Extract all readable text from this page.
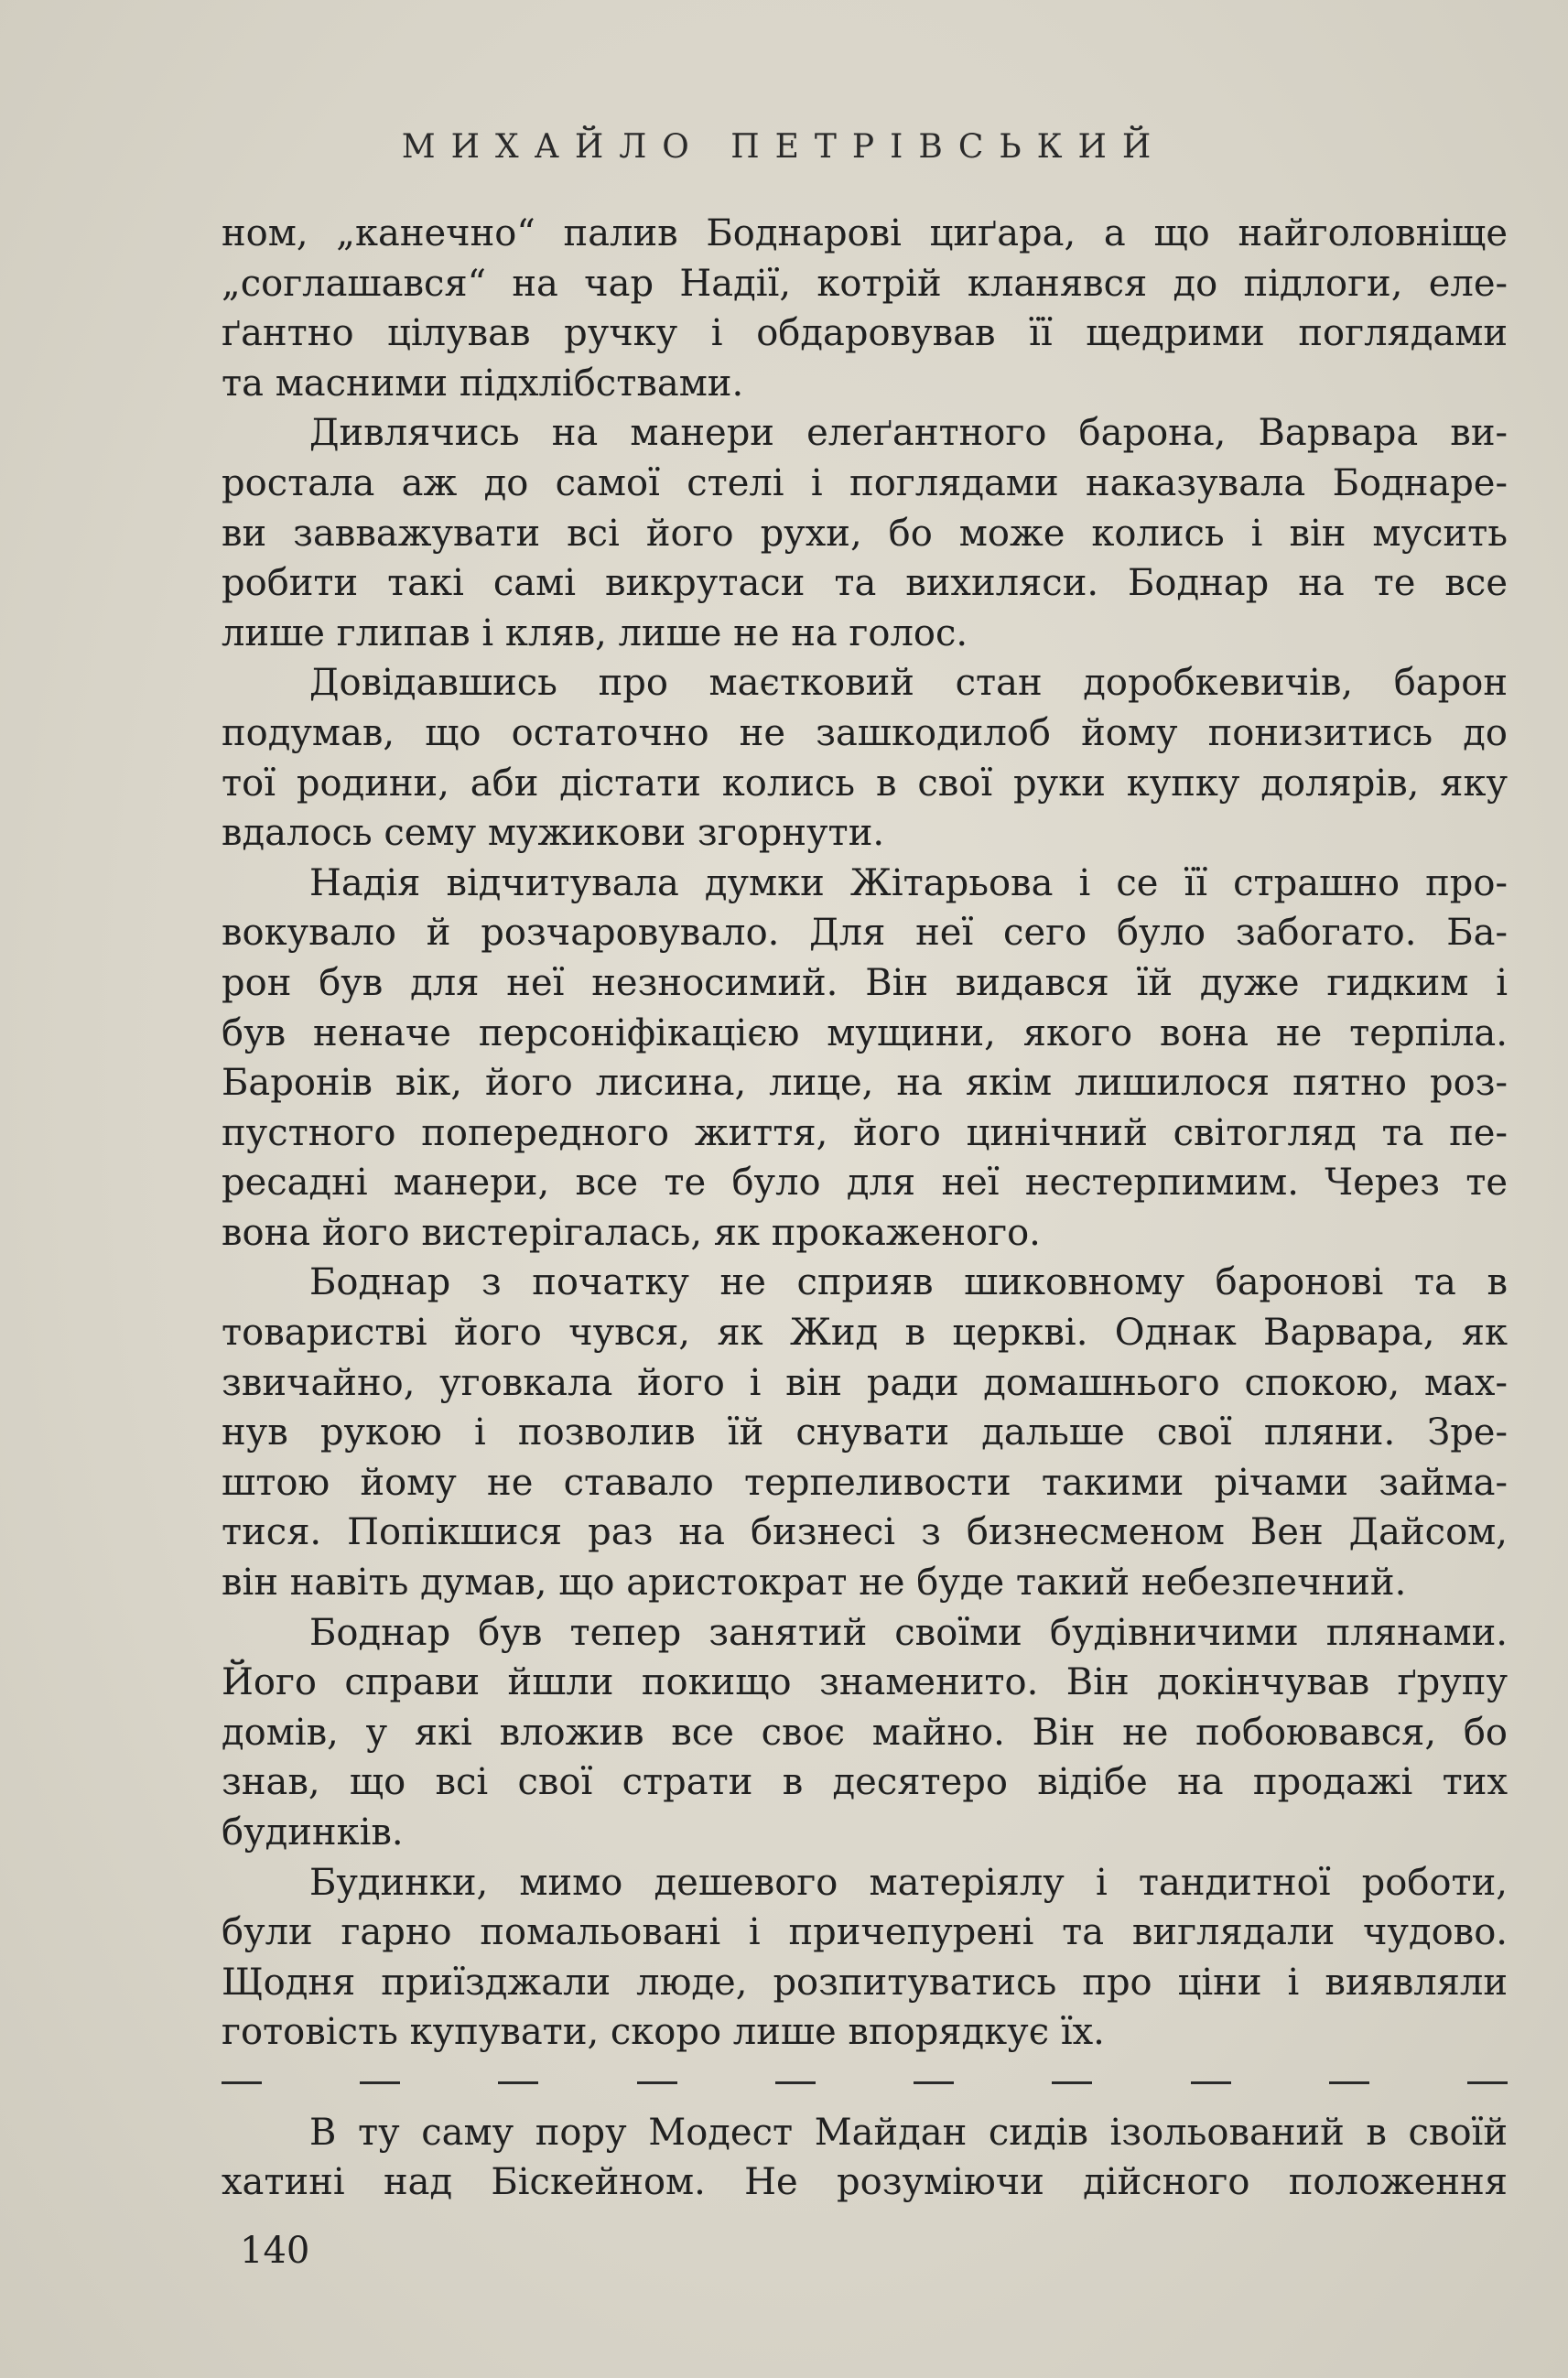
МИХАЙЛО ПЕТРІВСЬКИЙ
ном, „канечно“ палив Боднарові циґара, а що найголовніще
„соглашався“ на чар Надії, котрій кланявся до підлоги, еле-
ґантно цілував ручку і обдаровував її щедрими поглядами
та масними підхлібствами.
Дивлячись на манери елеґантного барона, Варвара ви-
ростала аж до самої стелі і поглядами наказувала Боднаре-
ви завважувати всі його рухи, бо може колись і він мусить
робити такі самі викрутаси та вихиляси. Боднар на те все
лише глипав і кляв, лише не на голос.
Довідавшись про маєтковий стан доробкевичів, барон
подумав, що остаточно не зашкодилоб йому понизитись до
тої родини, аби дістати колись в свої руки купку долярів, яку
вдалось сему мужикови згорнути.
Надія відчитувала думки Жітарьова і се її страшно про-
вокувало й розчаровувало. Для неї сего було забогато. Ба-
рон був для неї незносимий. Він видався їй дуже гидким і
був неначе персоніфікацією мущини, якого вона не терпіла.
Баронів вік, його лисина, лице, на якім лишилося пятно роз-
пустного попередного життя, його цинічний світогляд та пе-
ресадні манери, все те було для неї нестерпимим. Через те
вона його вистерігалась, як прокаженого.
Боднар з початку не сприяв шиковному баронові та в
товаристві його чувся, як Жид в церкві. Однак Варвара, як
звичайно, уговкала його і він ради домашнього спокою, мах-
нув рукою і позволив їй снувати дальше свої пляни. Зре-
штою йому не ставало терпеливости такими річами займа-
тися. Попікшися раз на бизнесі з бизнесменом Вен Дайсом,
він навіть думав, що аристократ не буде такий небезпечний.
Боднар був тепер занятий своїми будівничими плянами.
Його справи йшли покищо знаменито. Він докінчував ґрупу
домів, у які вложив все своє майно. Він не побоювався, бо
знав, що всі свої страти в десятеро відібе на продажі тих
будинків.
Будинки, мимо дешевого матеріялу і тандитної роботи,
були гарно помальовані і причепурені та виглядали чудово.
Щодня приїзджали люде, розпитуватись про ціни і виявляли
готовість купувати, скоро лише впорядкує їх.
В ту саму пору Модест Майдан сидів ізольований в своїй
хатині над Біскейном. Не розуміючи дійсного положення
140
